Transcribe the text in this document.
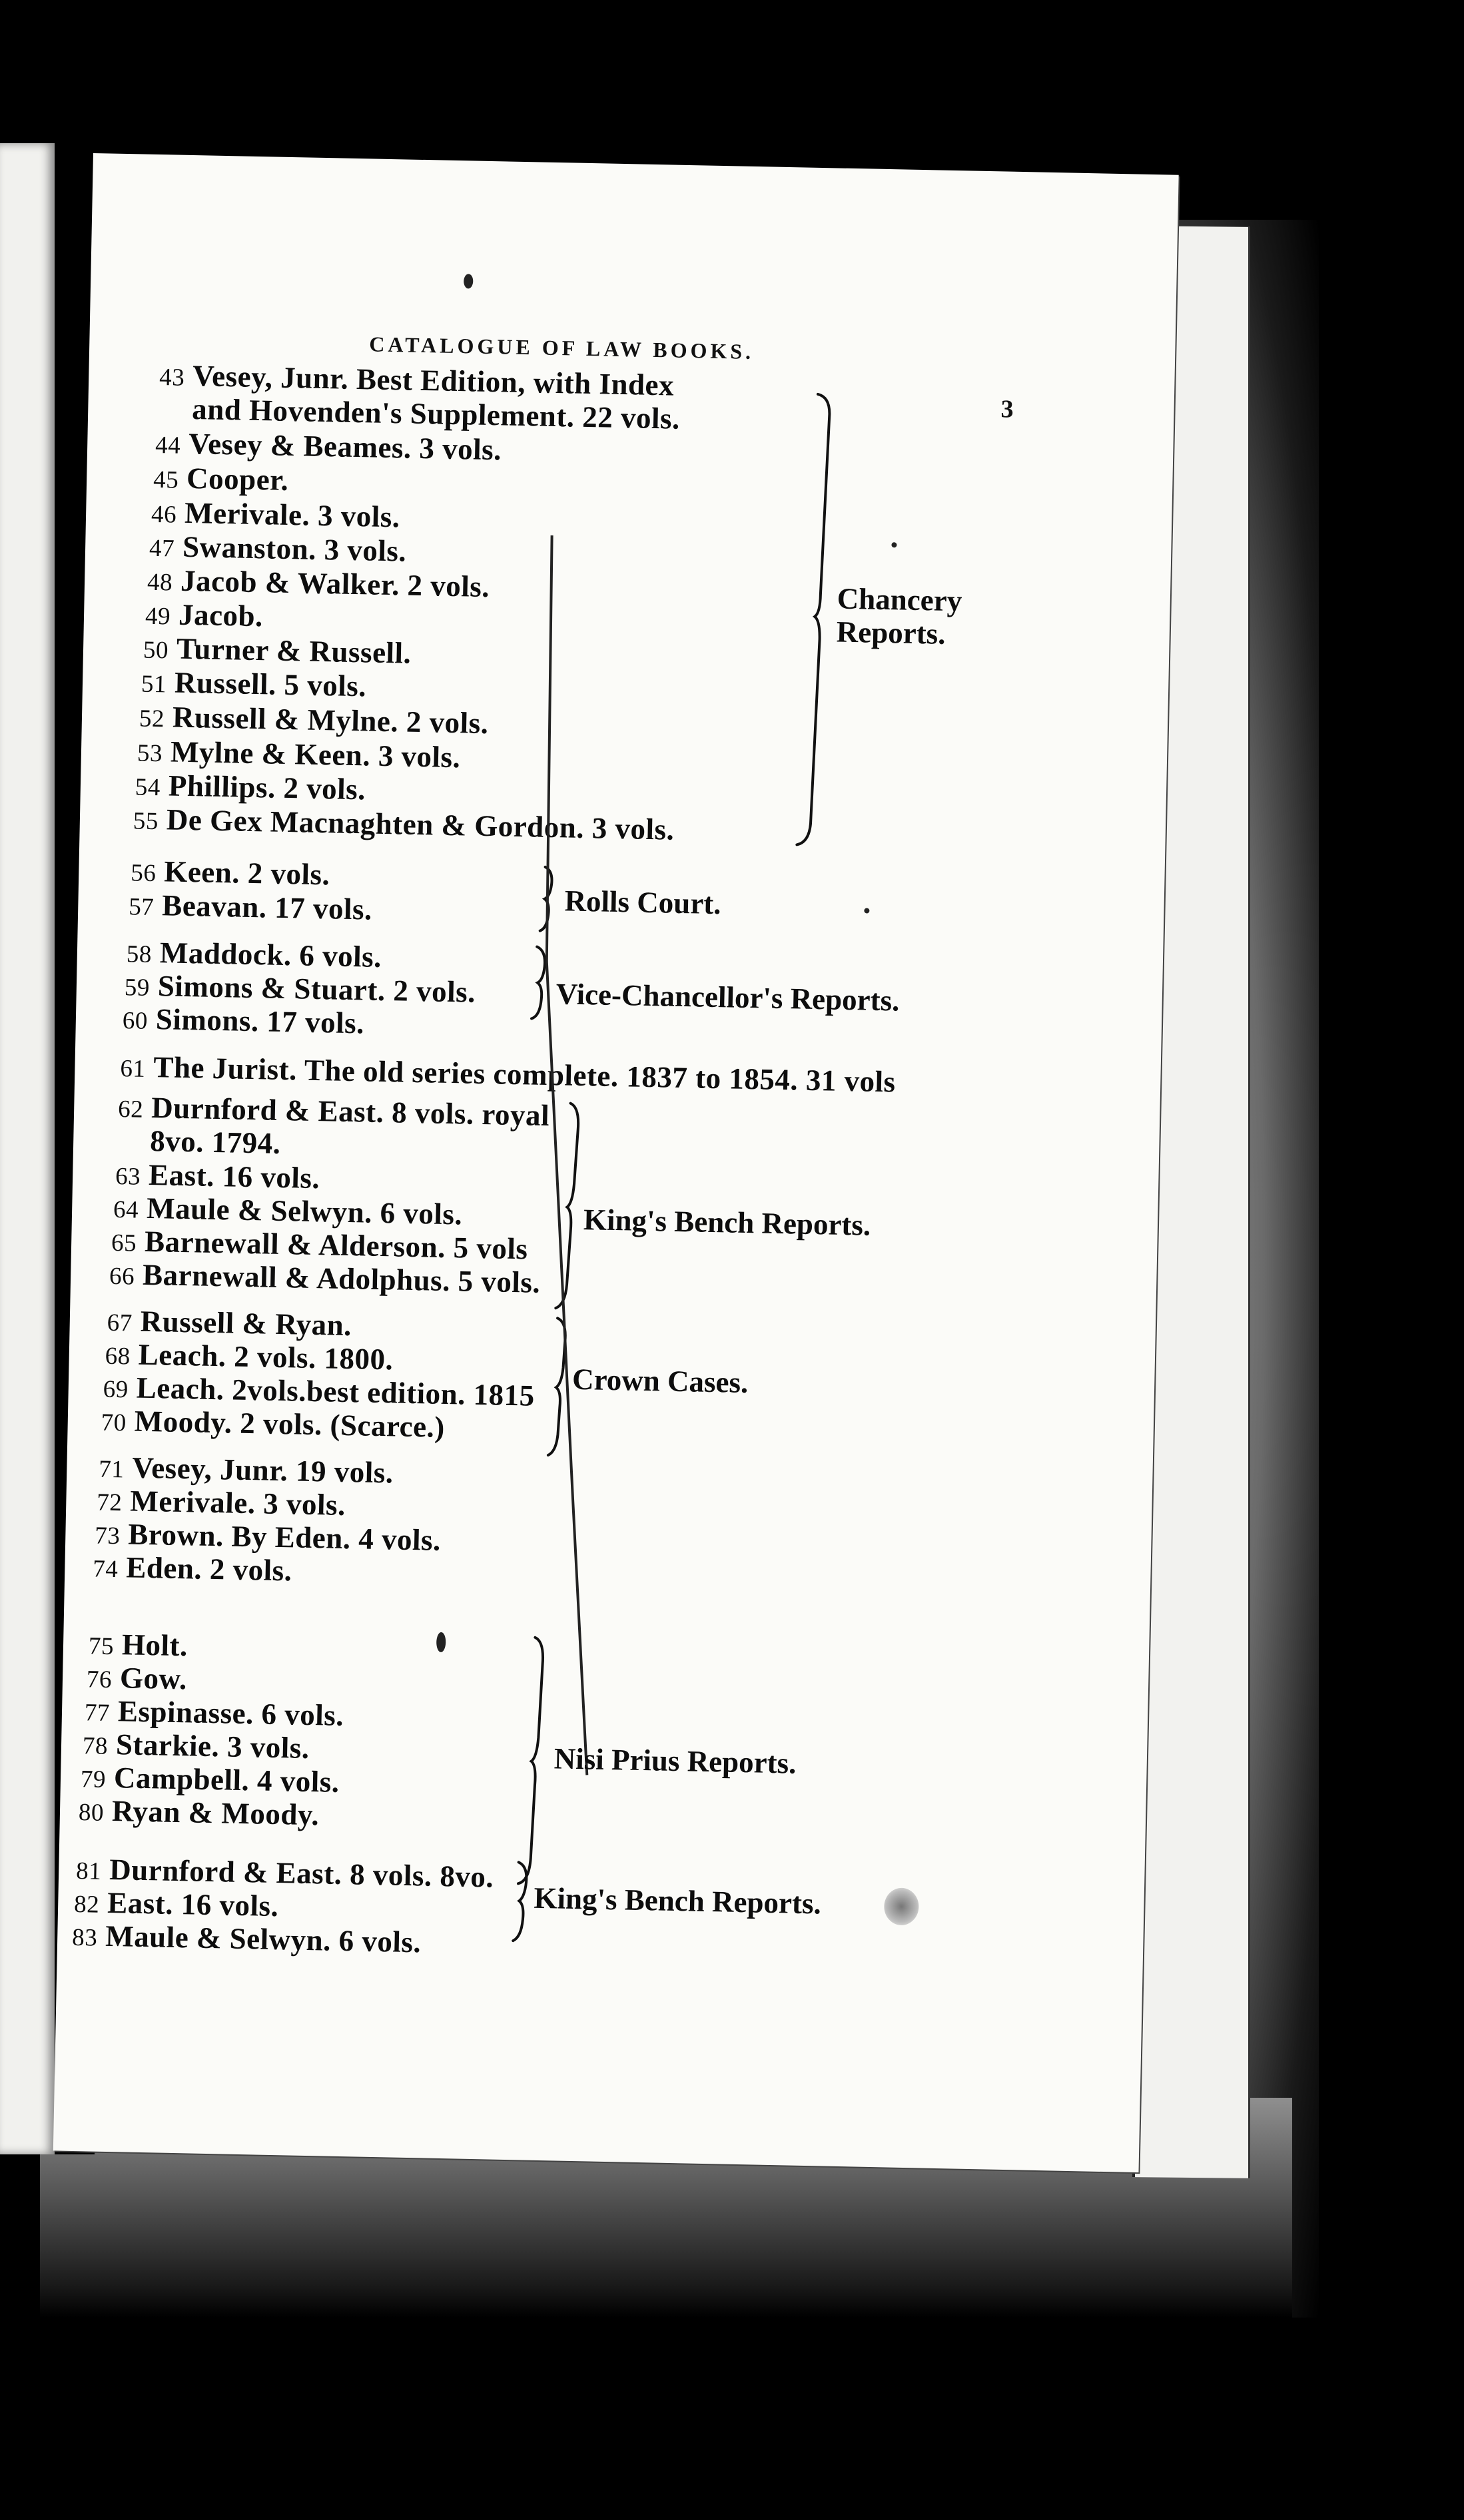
CATALOGUE OF LAW BOOKS.
3
43 Vesey, Junr. Best Edition, with Index
and Hovenden's Supplement. 22 vols.
44 Vesey & Beames. 3 vols.
45 Cooper.
46 Merivale. 3 vols.
47 Swanston. 3 vols.
48 Jacob & Walker. 2 vols.
49 Jacob.
50 Turner & Russell.
51 Russell. 5 vols.
52 Russell & Mylne. 2 vols.
53 Mylne & Keen. 3 vols.
54 Phillips. 2 vols.
55 De Gex Macnaghten & Gordon. 3 vols.
56 Keen. 2 vols.
57 Beavan. 17 vols.
58 Maddock. 6 vols.
59 Simons & Stuart. 2 vols.
60 Simons. 17 vols.
61 The Jurist. The old series complete. 1837 to 1854. 31 vols
62 Durnford & East. 8 vols. royal
8vo. 1794.
63 East. 16 vols.
64 Maule & Selwyn. 6 vols.
65 Barnewall & Alderson. 5 vols
66 Barnewall & Adolphus. 5 vols.
67 Russell & Ryan.
68 Leach. 2 vols. 1800.
69 Leach. 2vols.best edition. 1815
70 Moody. 2 vols. (Scarce.)
71 Vesey, Junr. 19 vols.
72 Merivale. 3 vols.
73 Brown. By Eden. 4 vols.
74 Eden. 2 vols.
75 Holt.
76 Gow.
77 Espinasse. 6 vols.
78 Starkie. 3 vols.
79 Campbell. 4 vols.
80 Ryan & Moody.
81 Durnford & East. 8 vols. 8vo.
82 East. 16 vols.
83 Maule & Selwyn. 6 vols.
Chancery
Reports.
Rolls Court.
Vice-Chancellor's Reports.
King's Bench Reports.
Crown Cases.
Nisi Prius Reports.
King's Bench Reports.
